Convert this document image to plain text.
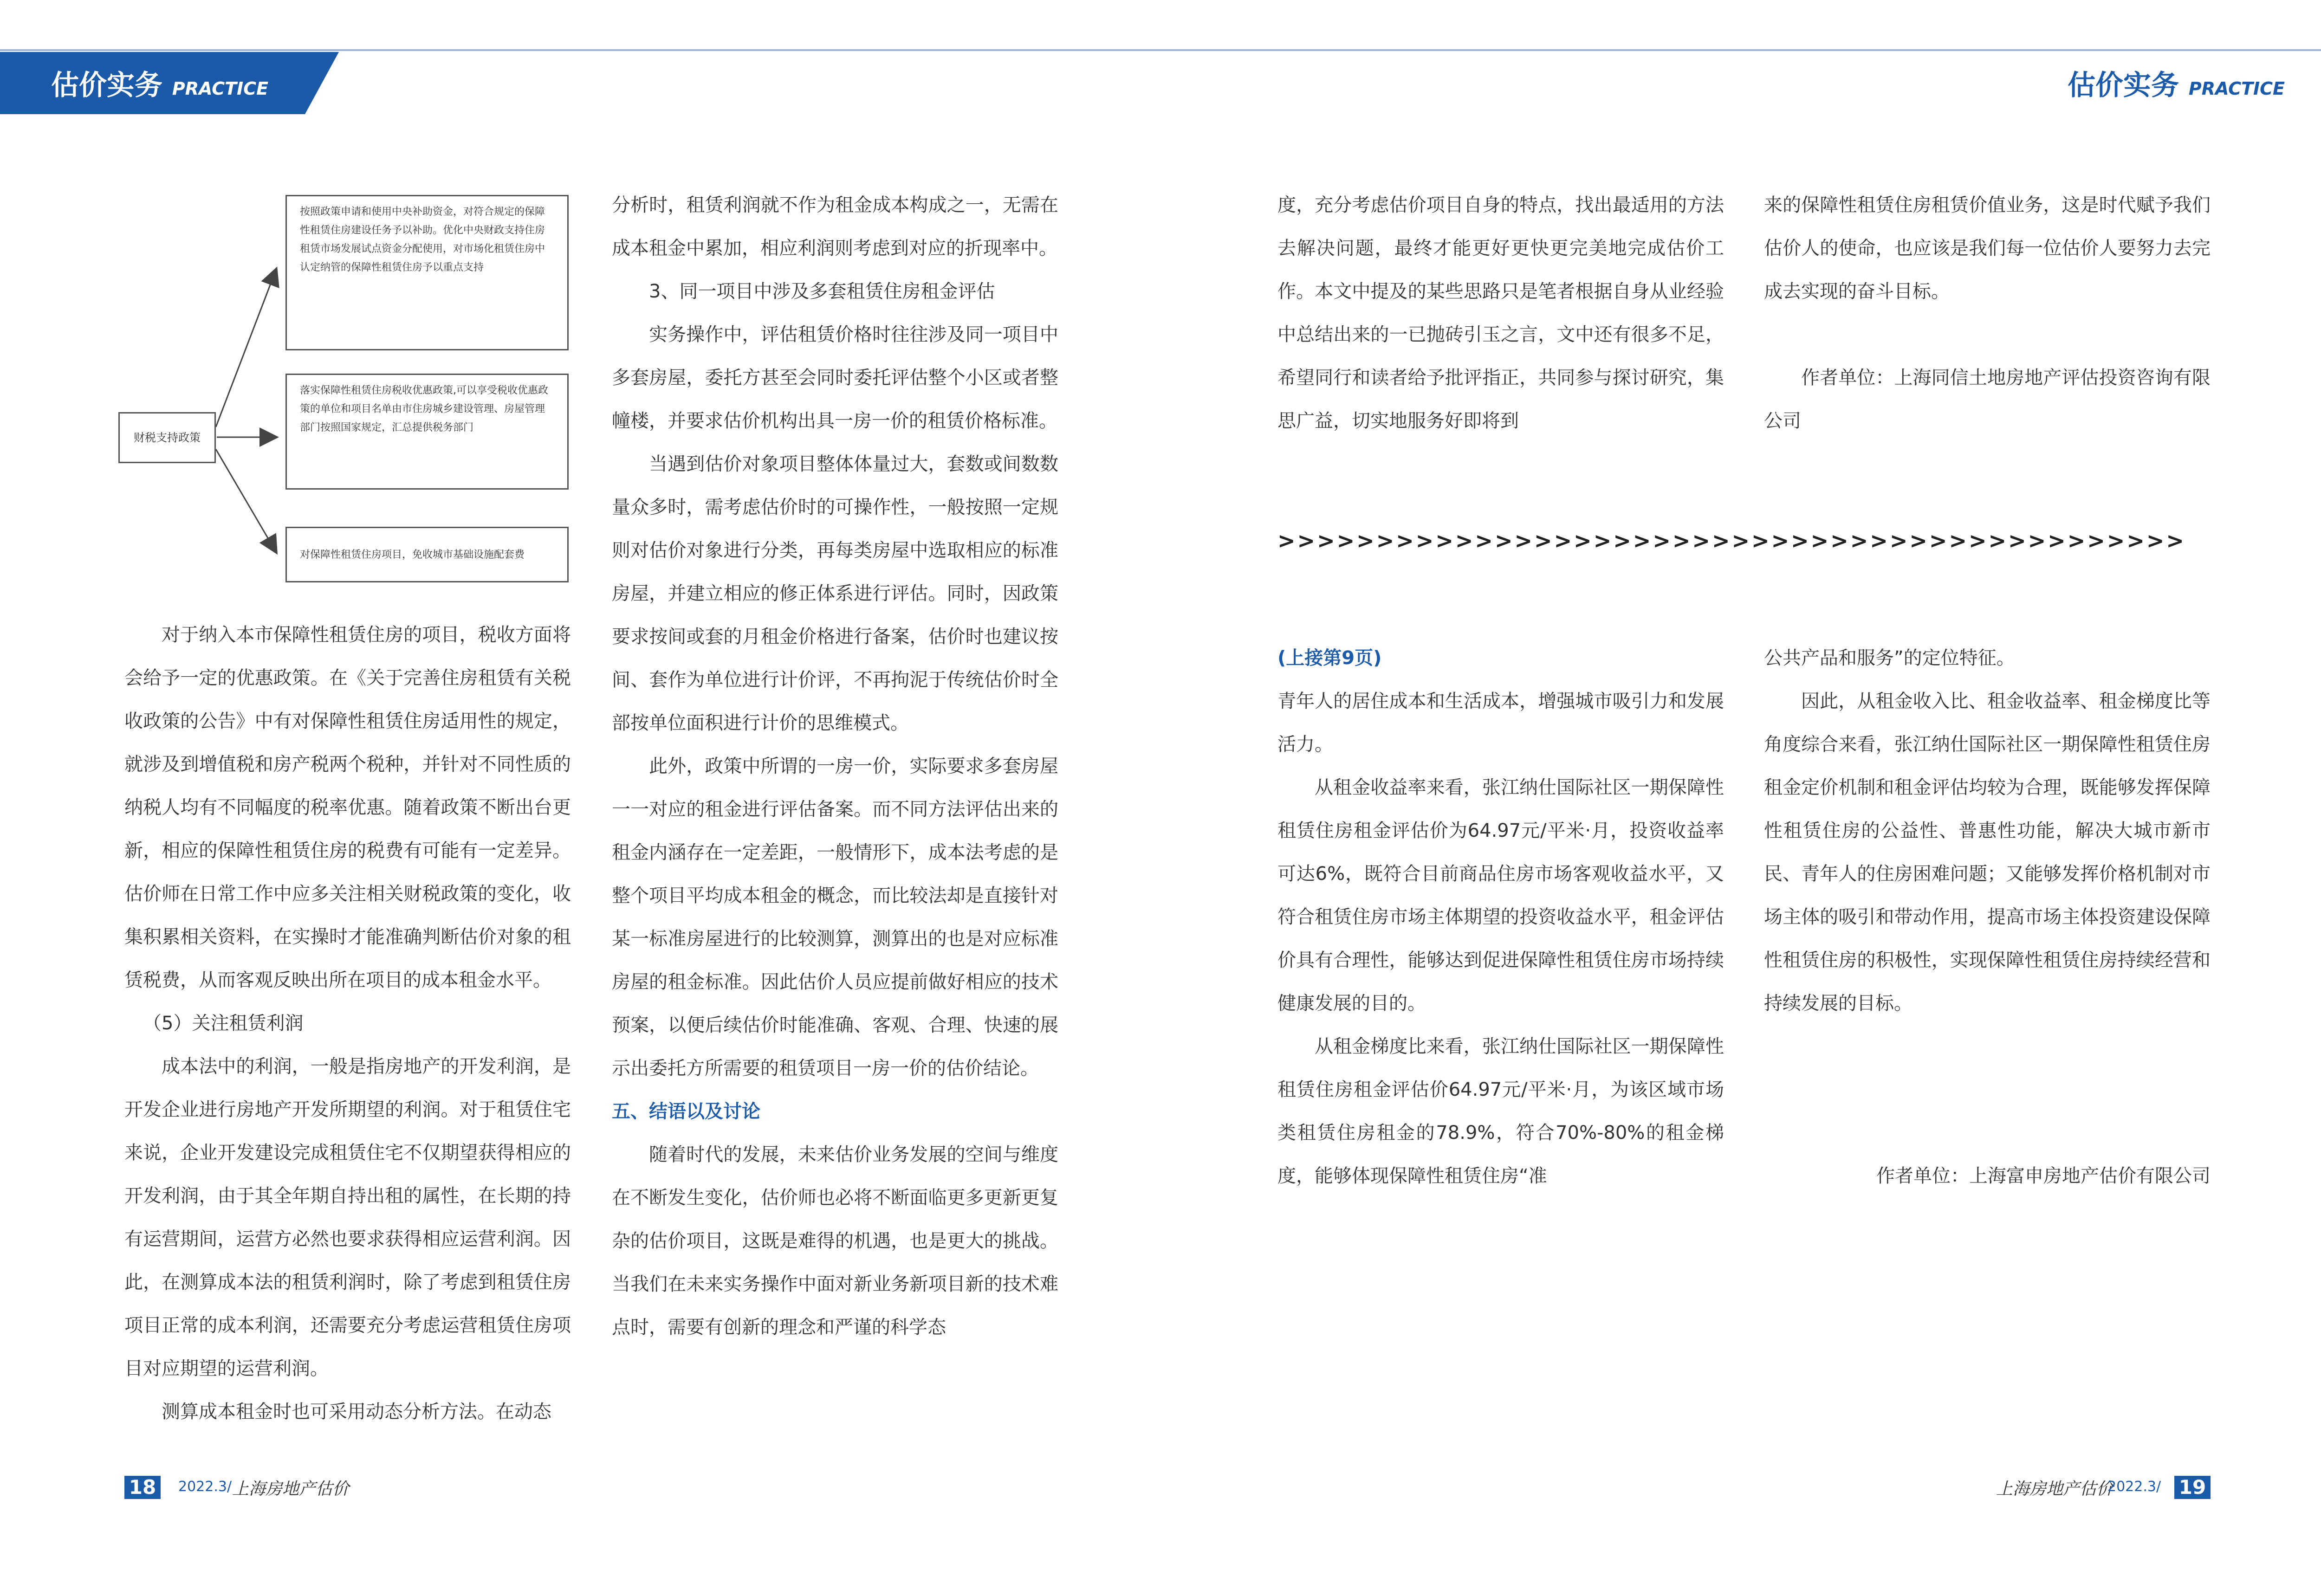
估价实务 PRACTICE	估价实务 PRACTICE
财税支持政策
按照政策申请和使用中央补助资金，对符合规定的保障性租赁住房建设任务予以补助。优化中央财政支持住房租赁市场发展试点资金分配使用，对市场化租赁住房中认定纳管的保障性租赁住房予以重点支持
落实保障性租赁住房税收优惠政策,可以享受税收优惠政策的单位和项目名单由市住房城乡建设管理、房屋管理部门按照国家规定，汇总提供税务部门
对保障性租赁住房项目，免收城市基础设施配套费

对于纳入本市保障性租赁住房的项目，税收方面将会给予一定的优惠政策。在《关于完善住房租赁有关税收政策的公告》中有对保障性租赁住房适用性的规定，就涉及到增值税和房产税两个税种，并针对不同性质的纳税人均有不同幅度的税率优惠。随着政策不断出台更新，相应的保障性租赁住房的税费有可能有一定差异。估价师在日常工作中应多关注相关财税政策的变化，收集积累相关资料，在实操时才能准确判断估价对象的租赁税费，从而客观反映出所在项目的成本租金水平。

（5）关注租赁利润

成本法中的利润，一般是指房地产的开发利润，是开发企业进行房地产开发所期望的利润。对于租赁住宅来说，企业开发建设完成租赁住宅不仅期望获得相应的开发利润，由于其全年期自持出租的属性，在长期的持有运营期间，运营方必然也要求获得相应运营利润。因此，在测算成本法的租赁利润时，除了考虑到租赁住房项目正常的成本利润，还需要充分考虑运营租赁住房项目对应期望的运营利润。

测算成本租金时也可采用动态分析方法。在动态

分析时，租赁利润就不作为租金成本构成之一，无需在成本租金中累加，相应利润则考虑到对应的折现率中。

3、同一项目中涉及多套租赁住房租金评估

实务操作中，评估租赁价格时往往涉及同一项目中多套房屋，委托方甚至会同时委托评估整个小区或者整幢楼，并要求估价机构出具一房一价的租赁价格标准。

当遇到估价对象项目整体体量过大，套数或间数数量众多时，需考虑估价时的可操作性，一般按照一定规则对估价对象进行分类，再每类房屋中选取相应的标准房屋，并建立相应的修正体系进行评估。同时，因政策要求按间或套的月租金价格进行备案，估价时也建议按间、套作为单位进行计价评，不再拘泥于传统估价时全部按单位面积进行计价的思维模式。

此外，政策中所谓的一房一价，实际要求多套房屋一一对应的租金进行评估备案。而不同方法评估出来的租金内涵存在一定差距，一般情形下，成本法考虑的是整个项目平均成本租金的概念，而比较法却是直接针对某一标准房屋进行的比较测算，测算出的也是对应标准房屋的租金标准。因此估价人员应提前做好相应的技术预案，以便后续估价时能准确、客观、合理、快速的展示出委托方所需要的租赁项目一房一价的估价结论。

五、结语以及讨论

随着时代的发展，未来估价业务发展的空间与维度在不断发生变化，估价师也必将不断面临更多更新更复杂的估价项目，这既是难得的机遇，也是更大的挑战。当我们在未来实务操作中面对新业务新项目新的技术难点时，需要有创新的理念和严谨的科学态

度，充分考虑估价项目自身的特点，找出最适用的方法去解决问题，最终才能更好更快更完美地完成估价工作。本文中提及的某些思路只是笔者根据自身从业经验中总结出来的一已抛砖引玉之言，文中还有很多不足，希望同行和读者给予批评指正，共同参与探讨研究，集思广益，切实地服务好即将到

来的保障性租赁住房租赁价值业务，这是时代赋予我们估价人的使命，也应该是我们每一位估价人要努力去完成去实现的奋斗目标。

作者单位：上海同信土地房地产评估投资咨询有限公司

>>>>>>>>>>>>>>>>>>>>>>>>>>>>>>>>>>>>>>>>>>>>>>

(上接第9页)

青年人的居住成本和生活成本，增强城市吸引力和发展活力。

从租金收益率来看，张江纳仕国际社区一期保障性租赁住房租金评估价为64.97元/平米·月，投资收益率可达6%，既符合目前商品住房市场客观收益水平，又符合租赁住房市场主体期望的投资收益水平，租金评估价具有合理性，能够达到促进保障性租赁住房市场持续健康发展的目的。

从租金梯度比来看，张江纳仕国际社区一期保障性租赁住房租金评估价64.97元/平米·月，为该区域市场类租赁住房租金的78.9%，符合70%-80%的租金梯度，能够体现保障性租赁住房“准

公共产品和服务”的定位特征。

因此，从租金收入比、租金收益率、租金梯度比等角度综合来看，张江纳仕国际社区一期保障性租赁住房租金定价机制和租金评估均较为合理，既能够发挥保障性租赁住房的公益性、普惠性功能，解决大城市新市民、青年人的住房困难问题；又能够发挥价格机制对市场主体的吸引和带动作用，提高市场主体投资建设保障性租赁住房的积极性，实现保障性租赁住房持续经营和持续发展的目标。

作者单位：上海富申房地产估价有限公司

18	2022.3/ 上海房地产估价	上海房地产估价
2022.3/ 19
